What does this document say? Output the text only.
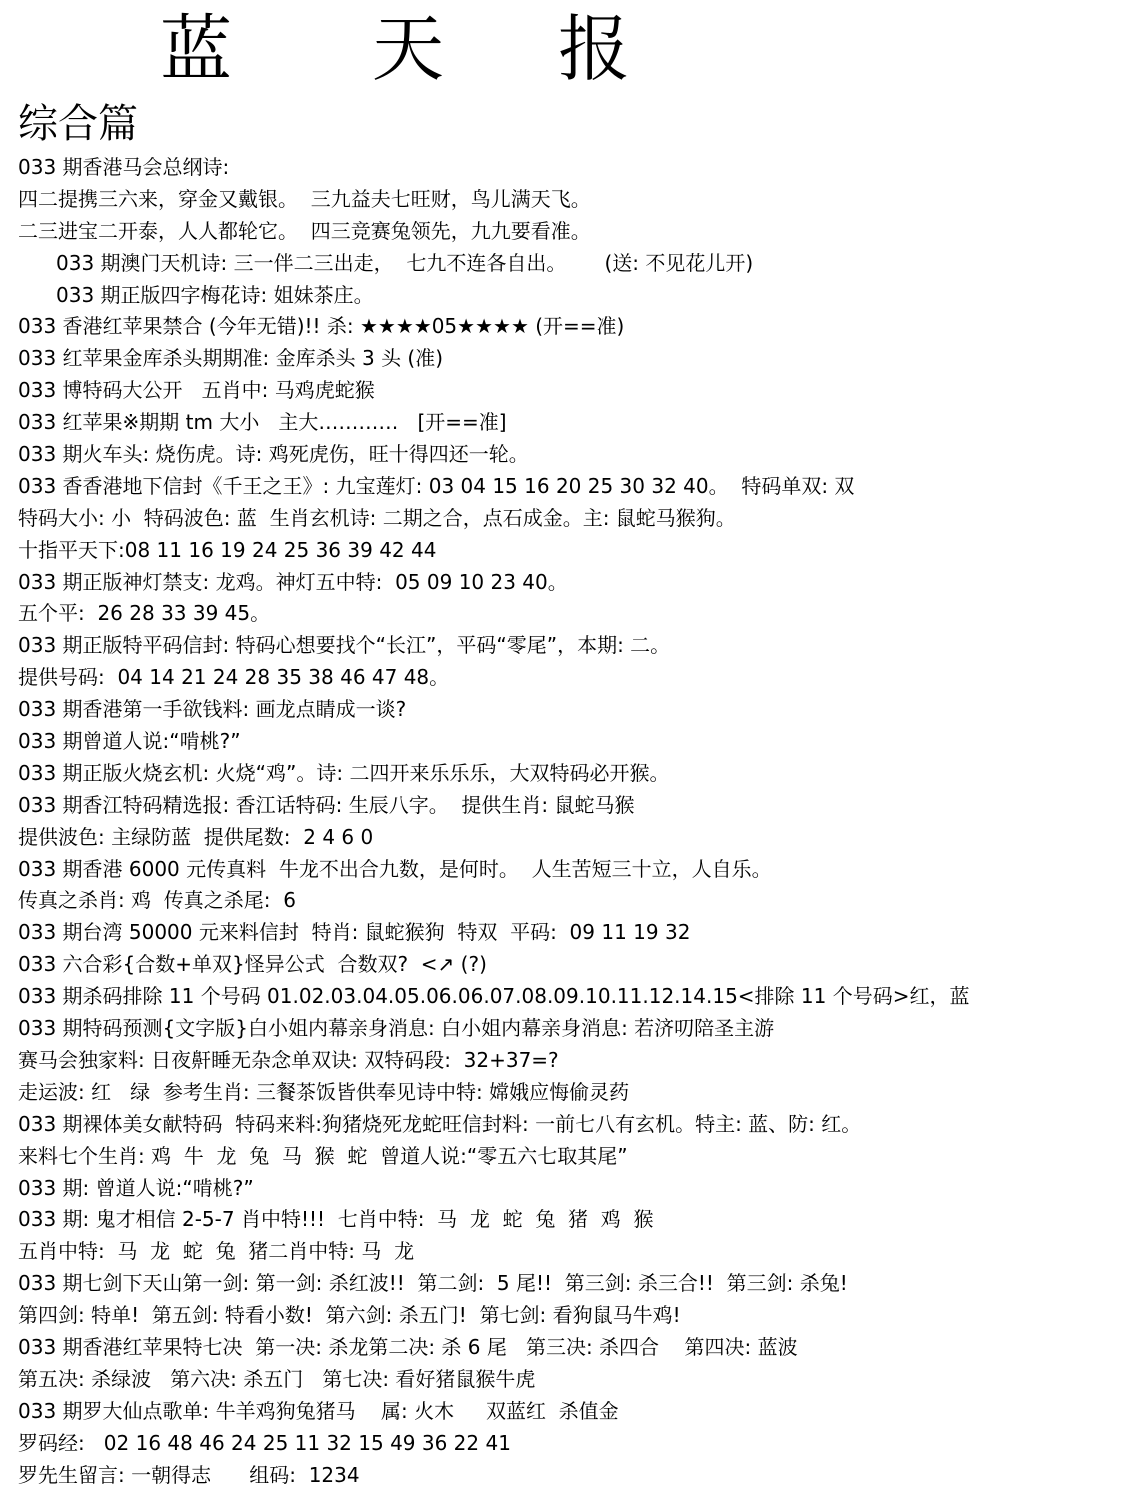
蓝 天 报
综合篇
033 期香港马会总纲诗:
四二提携三六来，穿金又戴银。  三九益夫七旺财，鸟儿满天飞。
二三进宝二开泰，人人都轮它。  四三竞赛兔领先，九九要看准。
033 期澳门天机诗: 三一伴二三出走，  七九不连各自出。      (送: 不见花儿开)
033 期正版四字梅花诗: 姐妹茶庄。
033 香港红苹果禁合 (今年无错)!! 杀: ★★★★05★★★★ (开==准)
033 红苹果金库杀头期期准: 金库杀头 3 头 (准)
033 博特码大公开   五肖中: 马鸡虎蛇猴
033 红苹果※期期 tm 大小   主大…………   [开==准]
033 期火车头: 烧伤虎。诗: 鸡死虎伤，旺十得四还一轮。
033 香香港地下信封《千王之王》: 九宝莲灯: 03 04 15 16 20 25 30 32 40。  特码单双: 双
特码大小: 小  特码波色: 蓝  生肖玄机诗: 二期之合，点石成金。主: 鼠蛇马猴狗。
十指平天下:08 11 16 19 24 25 36 39 42 44
033 期正版神灯禁支: 龙鸡。神灯五中特:  05 09 10 23 40。
五个平:  26 28 33 39 45。
033 期正版特平码信封: 特码心想要找个“长江”，平码“零尾”，本期: 二。
提供号码:  04 14 21 24 28 35 38 46 47 48。
033 期香港第一手欲钱料: 画龙点睛成一谈?
033 期曾道人说:“啃桃?”
033 期正版火烧玄机: 火烧“鸡”。诗: 二四开来乐乐乐，大双特码必开猴。
033 期香江特码精选报: 香江话特码: 生辰八字。  提供生肖: 鼠蛇马猴
提供波色: 主绿防蓝  提供尾数:  2 4 6 0
033 期香港 6000 元传真料  牛龙不出合九数，是何时。  人生苦短三十立，人自乐。
传真之杀肖: 鸡  传真之杀尾:  6
033 期台湾 50000 元来料信封  特肖: 鼠蛇猴狗  特双  平码:  09 11 19 32
033 六合彩{合数+单双}怪异公式  合数双?  <↗ (?)
033 期杀码排除 11 个号码 01.02.03.04.05.06.06.07.08.09.10.11.12.14.15<排除 11 个号码>红，蓝
033 期特码预测{文字版}白小姐内幕亲身消息: 白小姐内幕亲身消息: 若济叨陪圣主游
赛马会独家料: 日夜鼾睡无杂念单双诀: 双特码段:  32+37=?
走运波: 红   绿  参考生肖: 三餐茶饭皆供奉见诗中特: 嫦娥应悔偷灵药
033 期裸体美女献特码  特码来料:狗猪烧死龙蛇旺信封料: 一前七八有玄机。特主: 蓝、防: 红。
来料七个生肖: 鸡  牛  龙  兔  马  猴  蛇  曾道人说:“零五六七取其尾”
033 期: 曾道人说:“啃桃?”
033 期: 鬼才相信 2-5-7 肖中特!!!  七肖中特:  马  龙  蛇  兔  猪  鸡  猴
五肖中特:  马  龙  蛇  兔  猪二肖中特: 马  龙
033 期七剑下天山第一剑: 第一剑: 杀红波!!  第二剑:  5 尾!!  第三剑: 杀三合!!  第三剑: 杀兔!
第四剑: 特单!  第五剑: 特看小数!  第六剑: 杀五门!  第七剑: 看狗鼠马牛鸡!
033 期香港红苹果特七决  第一决: 杀龙第二决: 杀 6 尾   第三决: 杀四合    第四决: 蓝波
第五决: 杀绿波   第六决: 杀五门   第七决: 看好猪鼠猴牛虎
033 期罗大仙点歌单: 牛羊鸡狗兔猪马    属: 火木     双蓝红  杀值金
罗码经:   02 16 48 46 24 25 11 32 15 49 36 22 41
罗先生留言: 一朝得志      组码:  1234
